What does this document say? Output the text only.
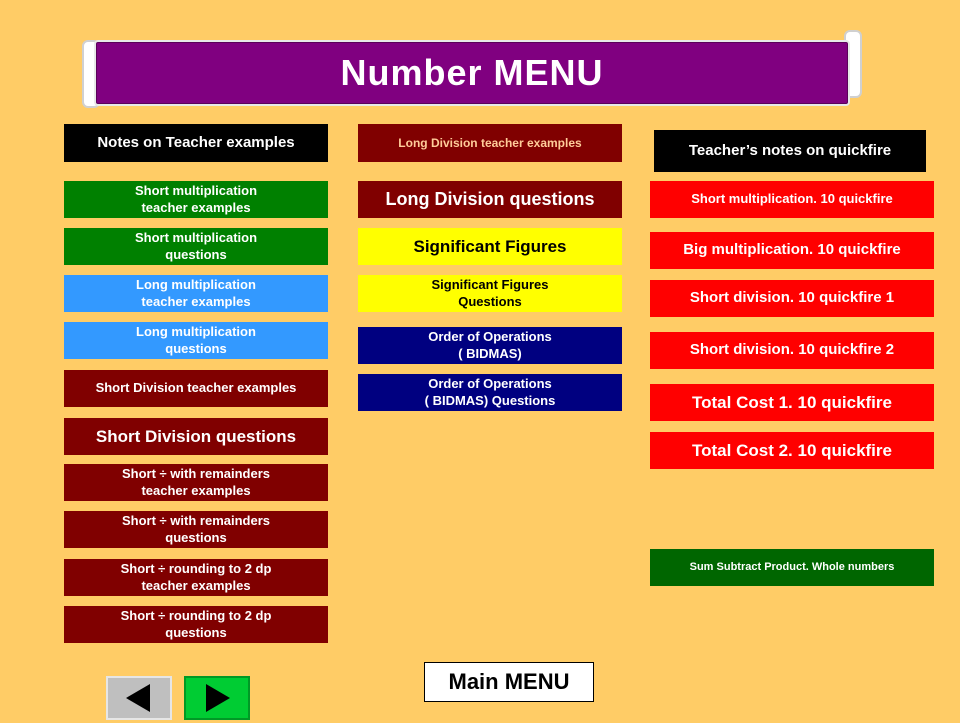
Number MENU
Notes on Teacher examples
Short multiplication
teacher examples
Short multiplication
questions
Long multiplication
teacher examples
Long multiplication
questions
Short Division teacher examples
Short Division questions
Short ÷ with remainders
teacher examples
Short ÷ with remainders
questions
Short ÷ rounding to 2 dp
teacher examples
Short ÷ rounding to 2 dp
questions
Long Division teacher examples
Long Division questions
Significant Figures
Significant Figures
Questions
Order of Operations
( BIDMAS)
Order of Operations
( BIDMAS) Questions
Teacher’s notes on quickfire
Short multiplication. 10 quickfire
Big multiplication. 10 quickfire
Short division. 10 quickfire 1
Short division. 10 quickfire 2
Total Cost 1. 10 quickfire
Total Cost 2. 10 quickfire
Sum Subtract Product. Whole numbers
Main MENU
